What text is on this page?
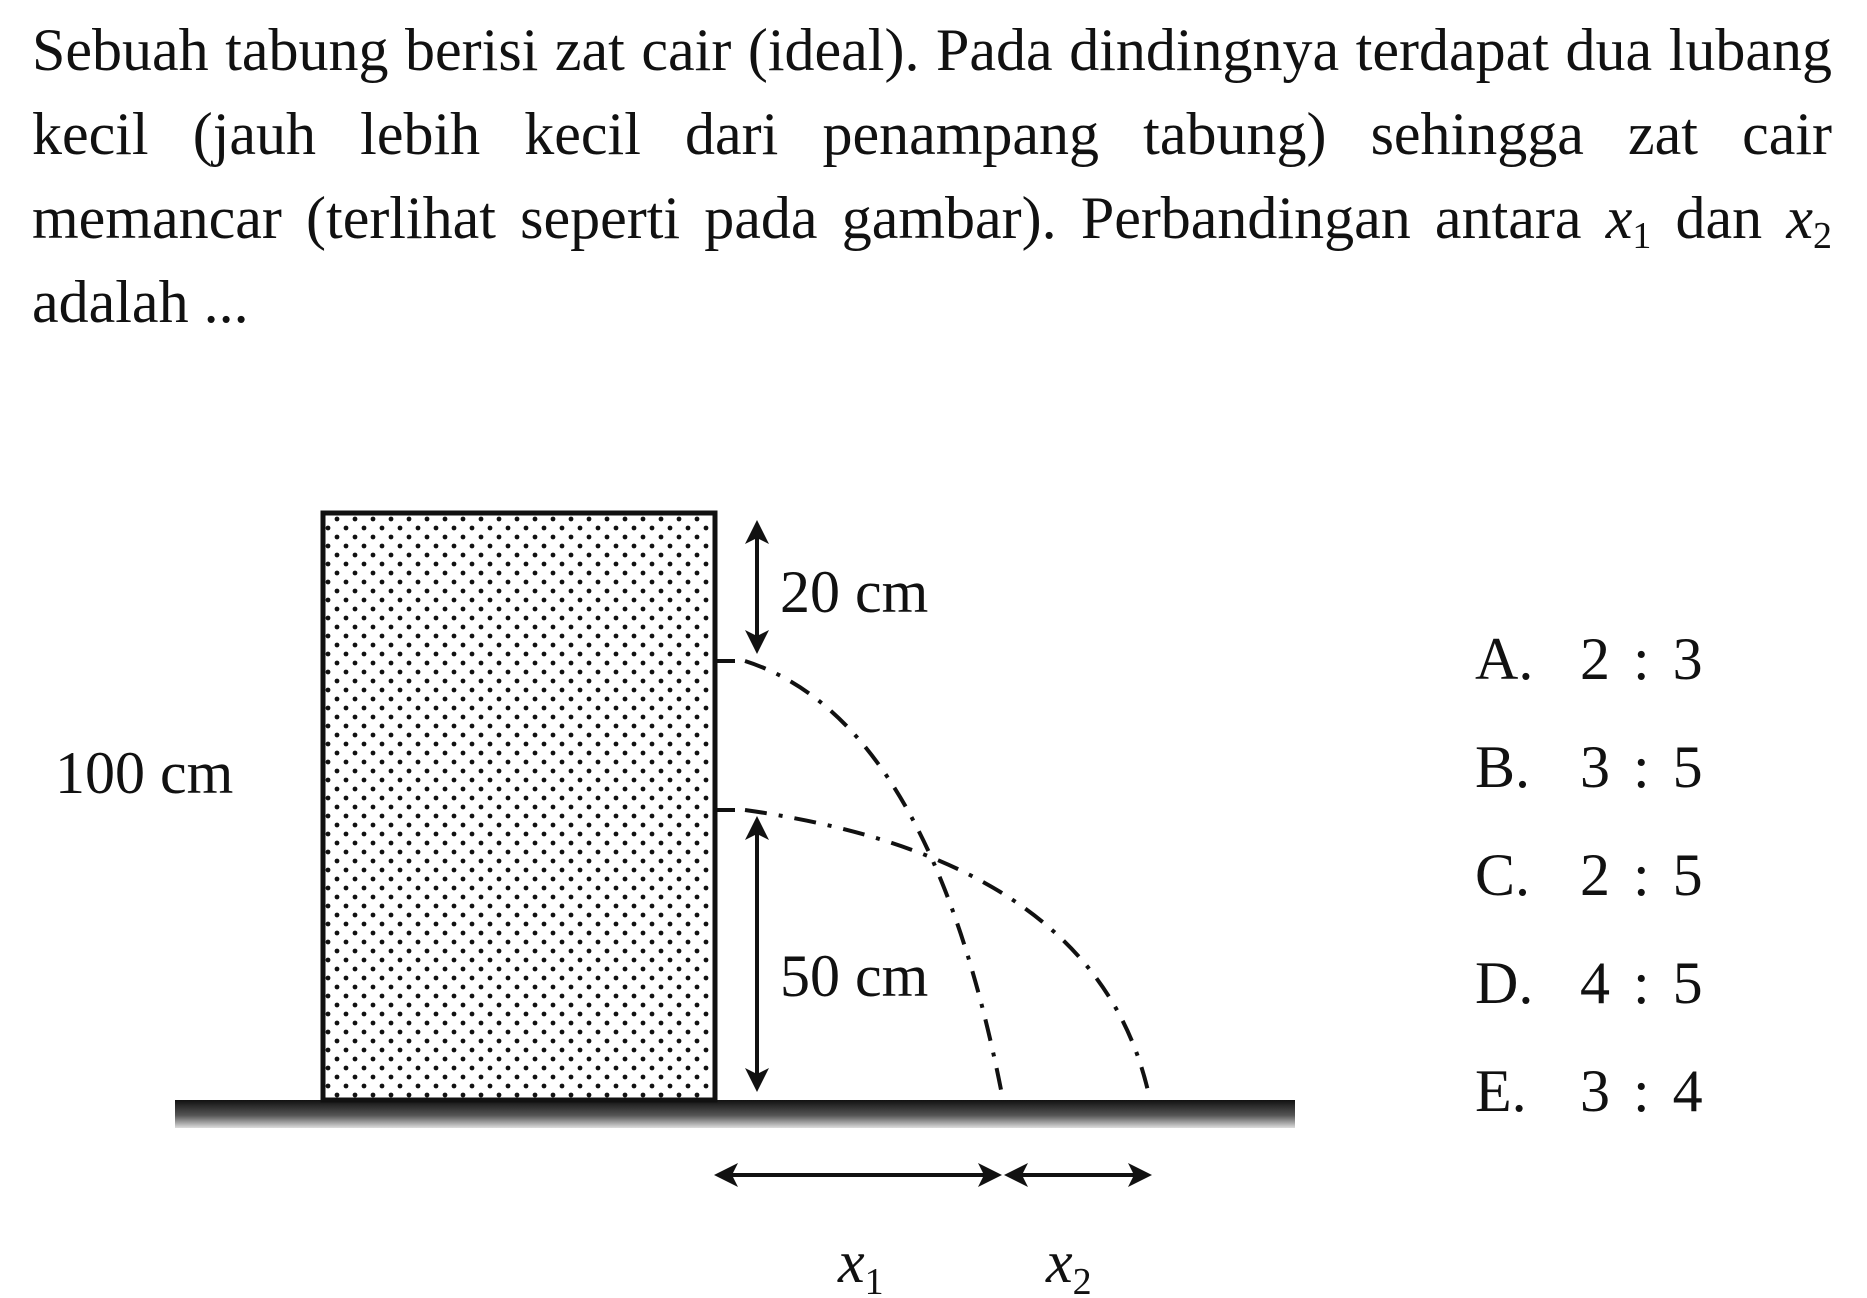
Sebuah tabung berisi zat cair (ideal). Pada dindingnya terdapat dua lubang kecil (jauh lebih kecil dari penampang tabung) sehingga zat cair memancar (terlihat seperti pada gambar). Perbandingan antara $x_1$ dan $x_2$ adalah ...

100 cm
20 cm
50 cm
$x_1$	$x_2$
A. 2 : 3
B. 3 : 5
C. 2 : 5
D. 4 : 5
E. 3 : 4
